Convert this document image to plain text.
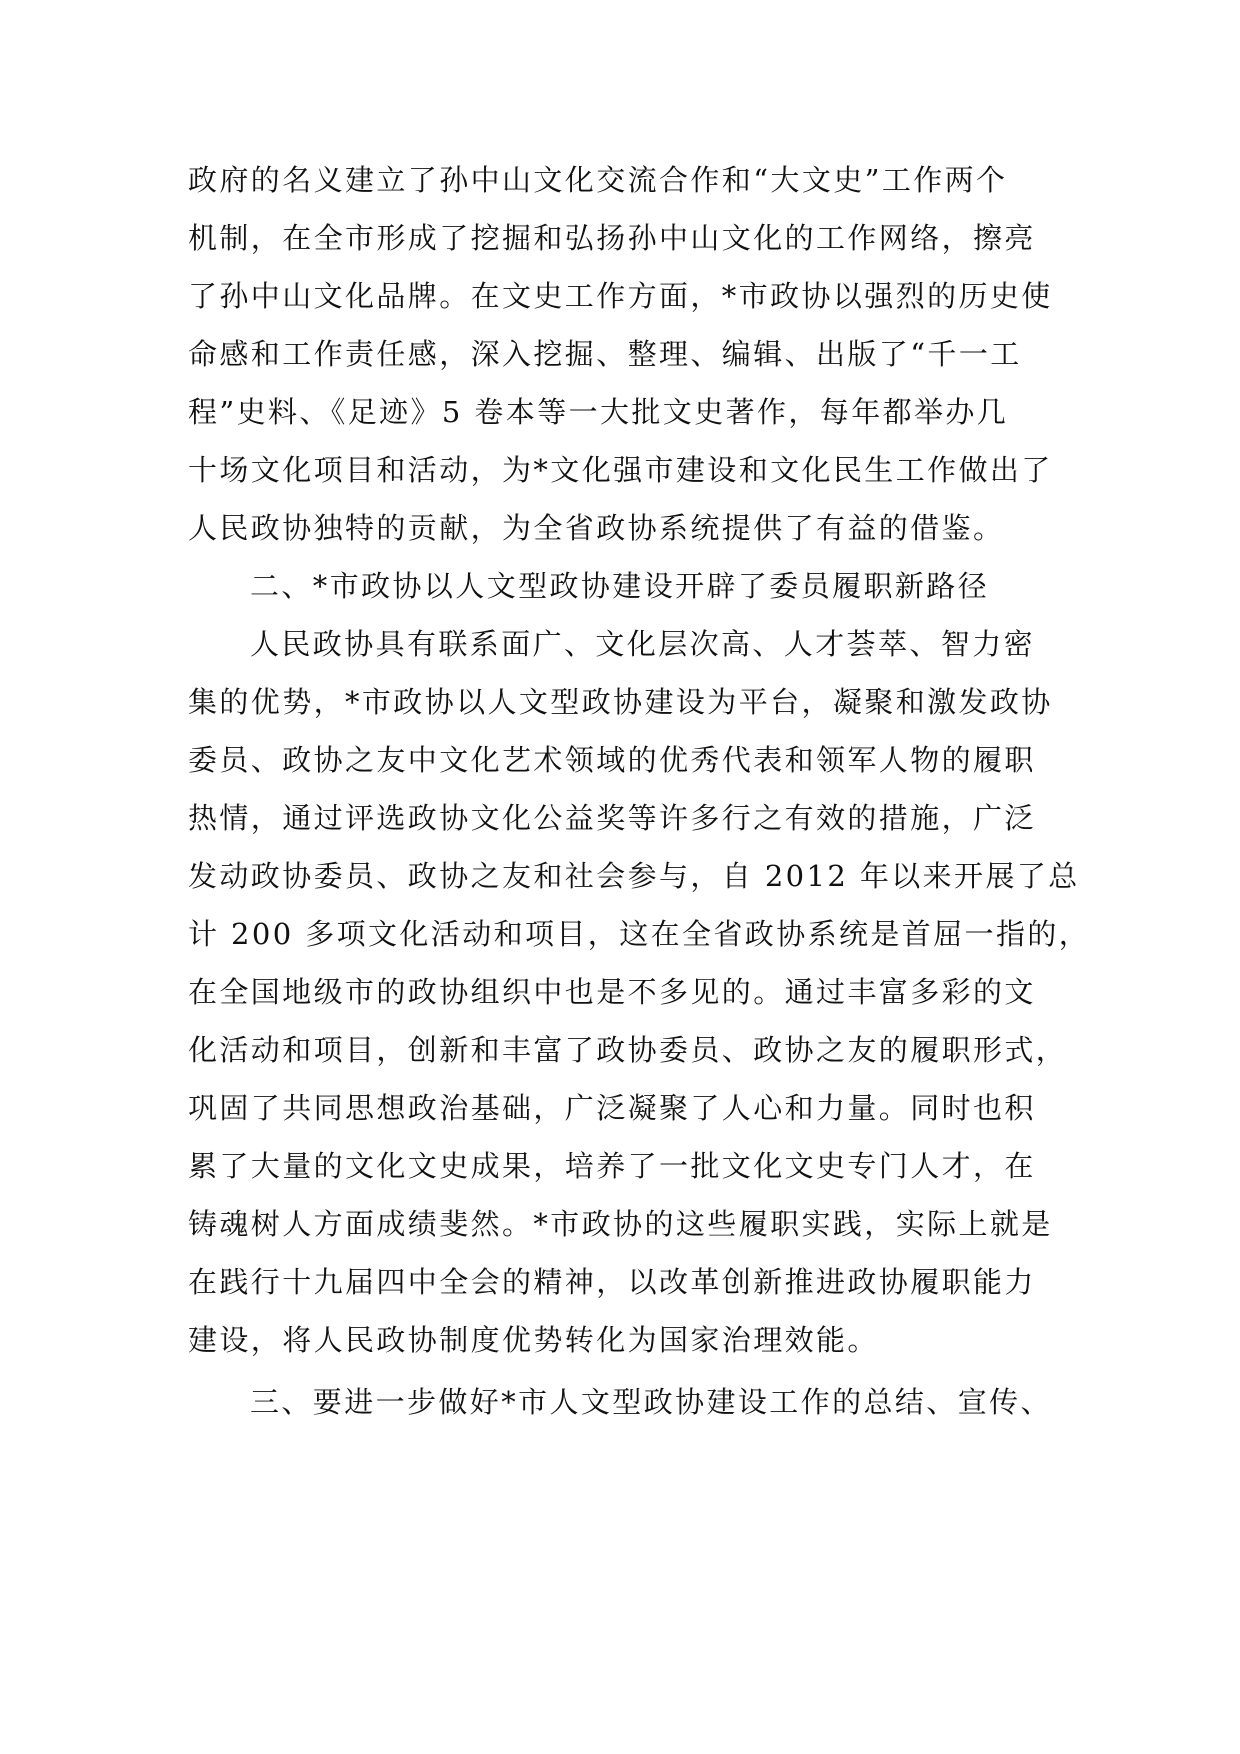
政府的名义建立了孙中山文化交流合作和“大文史”工作两个
机制，在全市形成了挖掘和弘扬孙中山文化的工作网络，擦亮
了孙中山文化品牌。在文史工作方面，*市政协以强烈的历史使
命感和工作责任感，深入挖掘、整理、编辑、出版了“千一工
程”史料、《足迹》5 卷本等一大批文史著作，每年都举办几
十场文化项目和活动，为*文化强市建设和文化民生工作做出了
人民政协独特的贡献，为全省政协系统提供了有益的借鉴。
二、*市政协以人文型政协建设开辟了委员履职新路径
人民政协具有联系面广、文化层次高、人才荟萃、智力密
集的优势，*市政协以人文型政协建设为平台，凝聚和激发政协
委员、政协之友中文化艺术领域的优秀代表和领军人物的履职
热情，通过评选政协文化公益奖等许多行之有效的措施，广泛
发动政协委员、政协之友和社会参与，自 2012 年以来开展了总
计 200 多项文化活动和项目，这在全省政协系统是首屈一指的，
在全国地级市的政协组织中也是不多见的。通过丰富多彩的文
化活动和项目，创新和丰富了政协委员、政协之友的履职形式，
巩固了共同思想政治基础，广泛凝聚了人心和力量。同时也积
累了大量的文化文史成果，培养了一批文化文史专门人才，在
铸魂树人方面成绩斐然。*市政协的这些履职实践，实际上就是
在践行十九届四中全会的精神，以改革创新推进政协履职能力
建设，将人民政协制度优势转化为国家治理效能。
三、要进一步做好*市人文型政协建设工作的总结、宣传、
